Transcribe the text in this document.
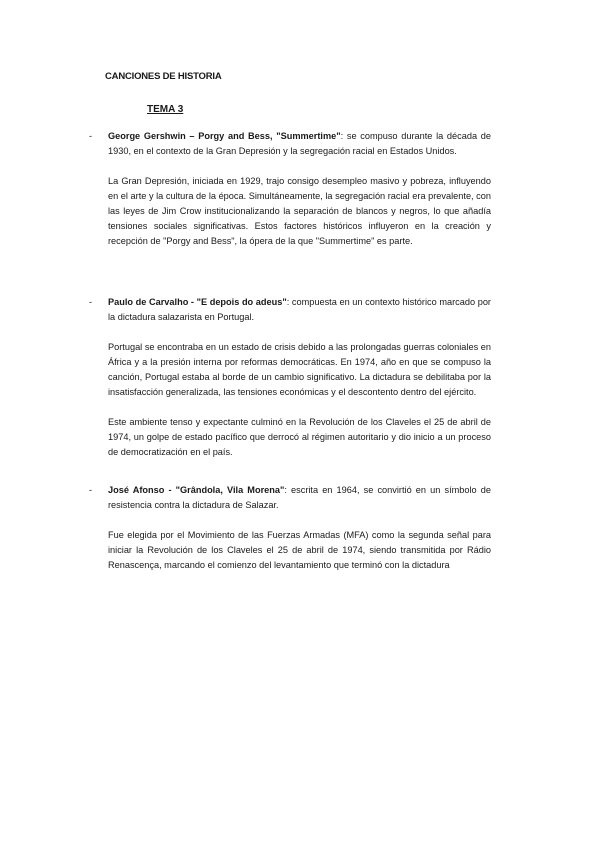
CANCIONES DE HISTORIA
TEMA 3
- George Gershwin – Porgy and Bess, "Summertime": se compuso durante la década de 1930, en el contexto de la Gran Depresión y la segregación racial en Estados Unidos.

La Gran Depresión, iniciada en 1929, trajo consigo desempleo masivo y pobreza, influyendo en el arte y la cultura de la época. Simultáneamente, la segregación racial era prevalente, con las leyes de Jim Crow institucionalizando la separación de blancos y negros, lo que añadía tensiones sociales significativas. Estos factores históricos influyeron en la creación y recepción de "Porgy and Bess", la ópera de la que "Summertime" es parte.

- Paulo de Carvalho - "E depois do adeus": compuesta en un contexto histórico marcado por la dictadura salazarista en Portugal.

Portugal se encontraba en un estado de crisis debido a las prolongadas guerras coloniales en África y a la presión interna por reformas democráticas. En 1974, año en que se compuso la canción, Portugal estaba al borde de un cambio significativo. La dictadura se debilitaba por la insatisfacción generalizada, las tensiones económicas y el descontento dentro del ejército.

Este ambiente tenso y expectante culminó en la Revolución de los Claveles el 25 de abril de 1974, un golpe de estado pacífico que derrocó al régimen autoritario y dio inicio a un proceso de democratización en el país.

- José Afonso - "Grândola, Vila Morena": escrita en 1964, se convirtió en un símbolo de resistencia contra la dictadura de Salazar.

Fue elegida por el Movimiento de las Fuerzas Armadas (MFA) como la segunda señal para iniciar la Revolución de los Claveles el 25 de abril de 1974, siendo transmitida por Rádio Renascença, marcando el comienzo del levantamiento que terminó con la dictadura
